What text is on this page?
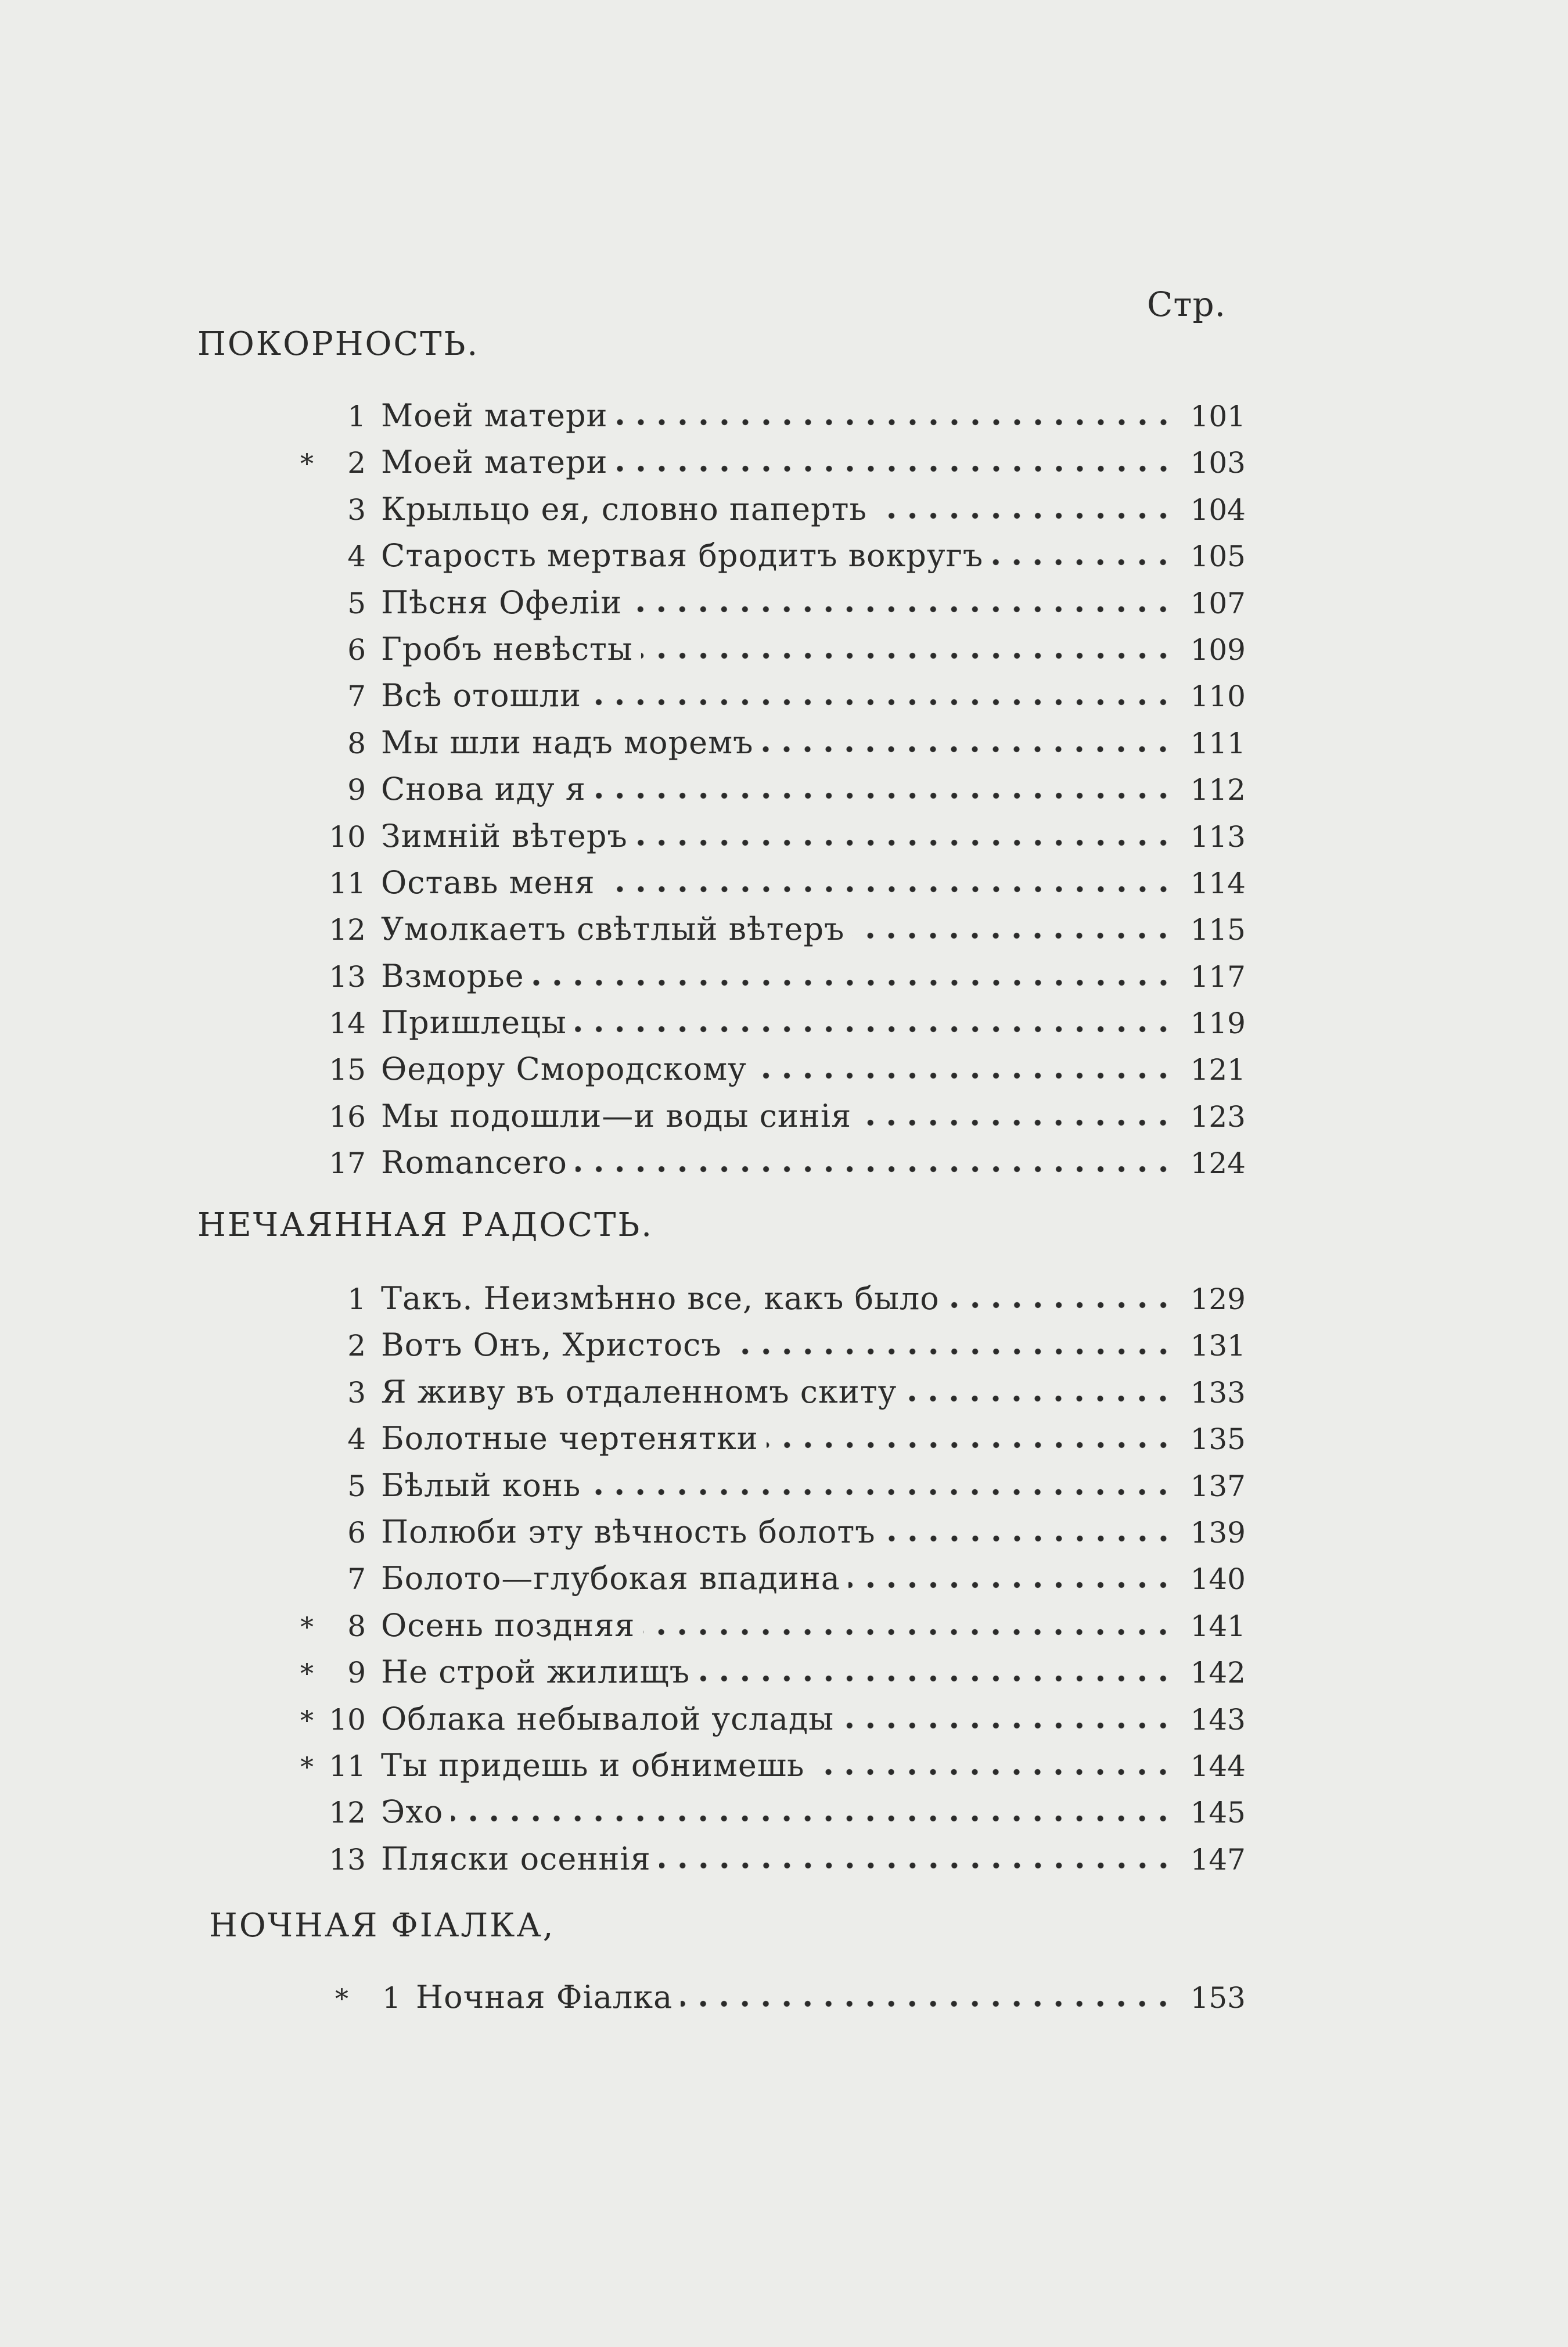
Стр.
ПОКОРНОСТЬ.
1 Моей матери	101
*	2 Моей матери	103
3 Крыльцо ея, словно паперть	104
4 Старость мертвая бродитъ вокругъ	105
5 Пѣсня Офеліи	107
6 Гробъ невѣсты	109
7 Всѣ отошли	110
8 Мы шли надъ моремъ	111
9 Снова иду я	112
10 Зимній вѣтеръ	113
11 Оставь меня	114
12 Умолкаетъ свѣтлый вѣтеръ	115
13 Взморье	117
14 Пришлецы	119
15 Ѳедору Смородскому	121
16 Мы подошли—и воды синія	123
17 Romancero	124
НЕЧАЯННАЯ РАДОСТЬ.
1 Такъ. Неизмѣнно все, какъ было	129
2 Вотъ Онъ, Христосъ	131
3 Я живу въ отдаленномъ скиту	133
4 Болотные чертенятки	135
5 Бѣлый конь	137
6 Полюби эту вѣчность болотъ	139
7 Болото—глубокая впадина	140
*	8 Осень поздняя	141
*	9 Не строй жилищъ	142
* 10 Облака небывалой услады	143
* 11 Ты придешь и обнимешь	144
12 Эхо	145
13 Пляски осеннія	147
НОЧНАЯ ФІАЛКА,
*	1 Ночная Фіалка	153
